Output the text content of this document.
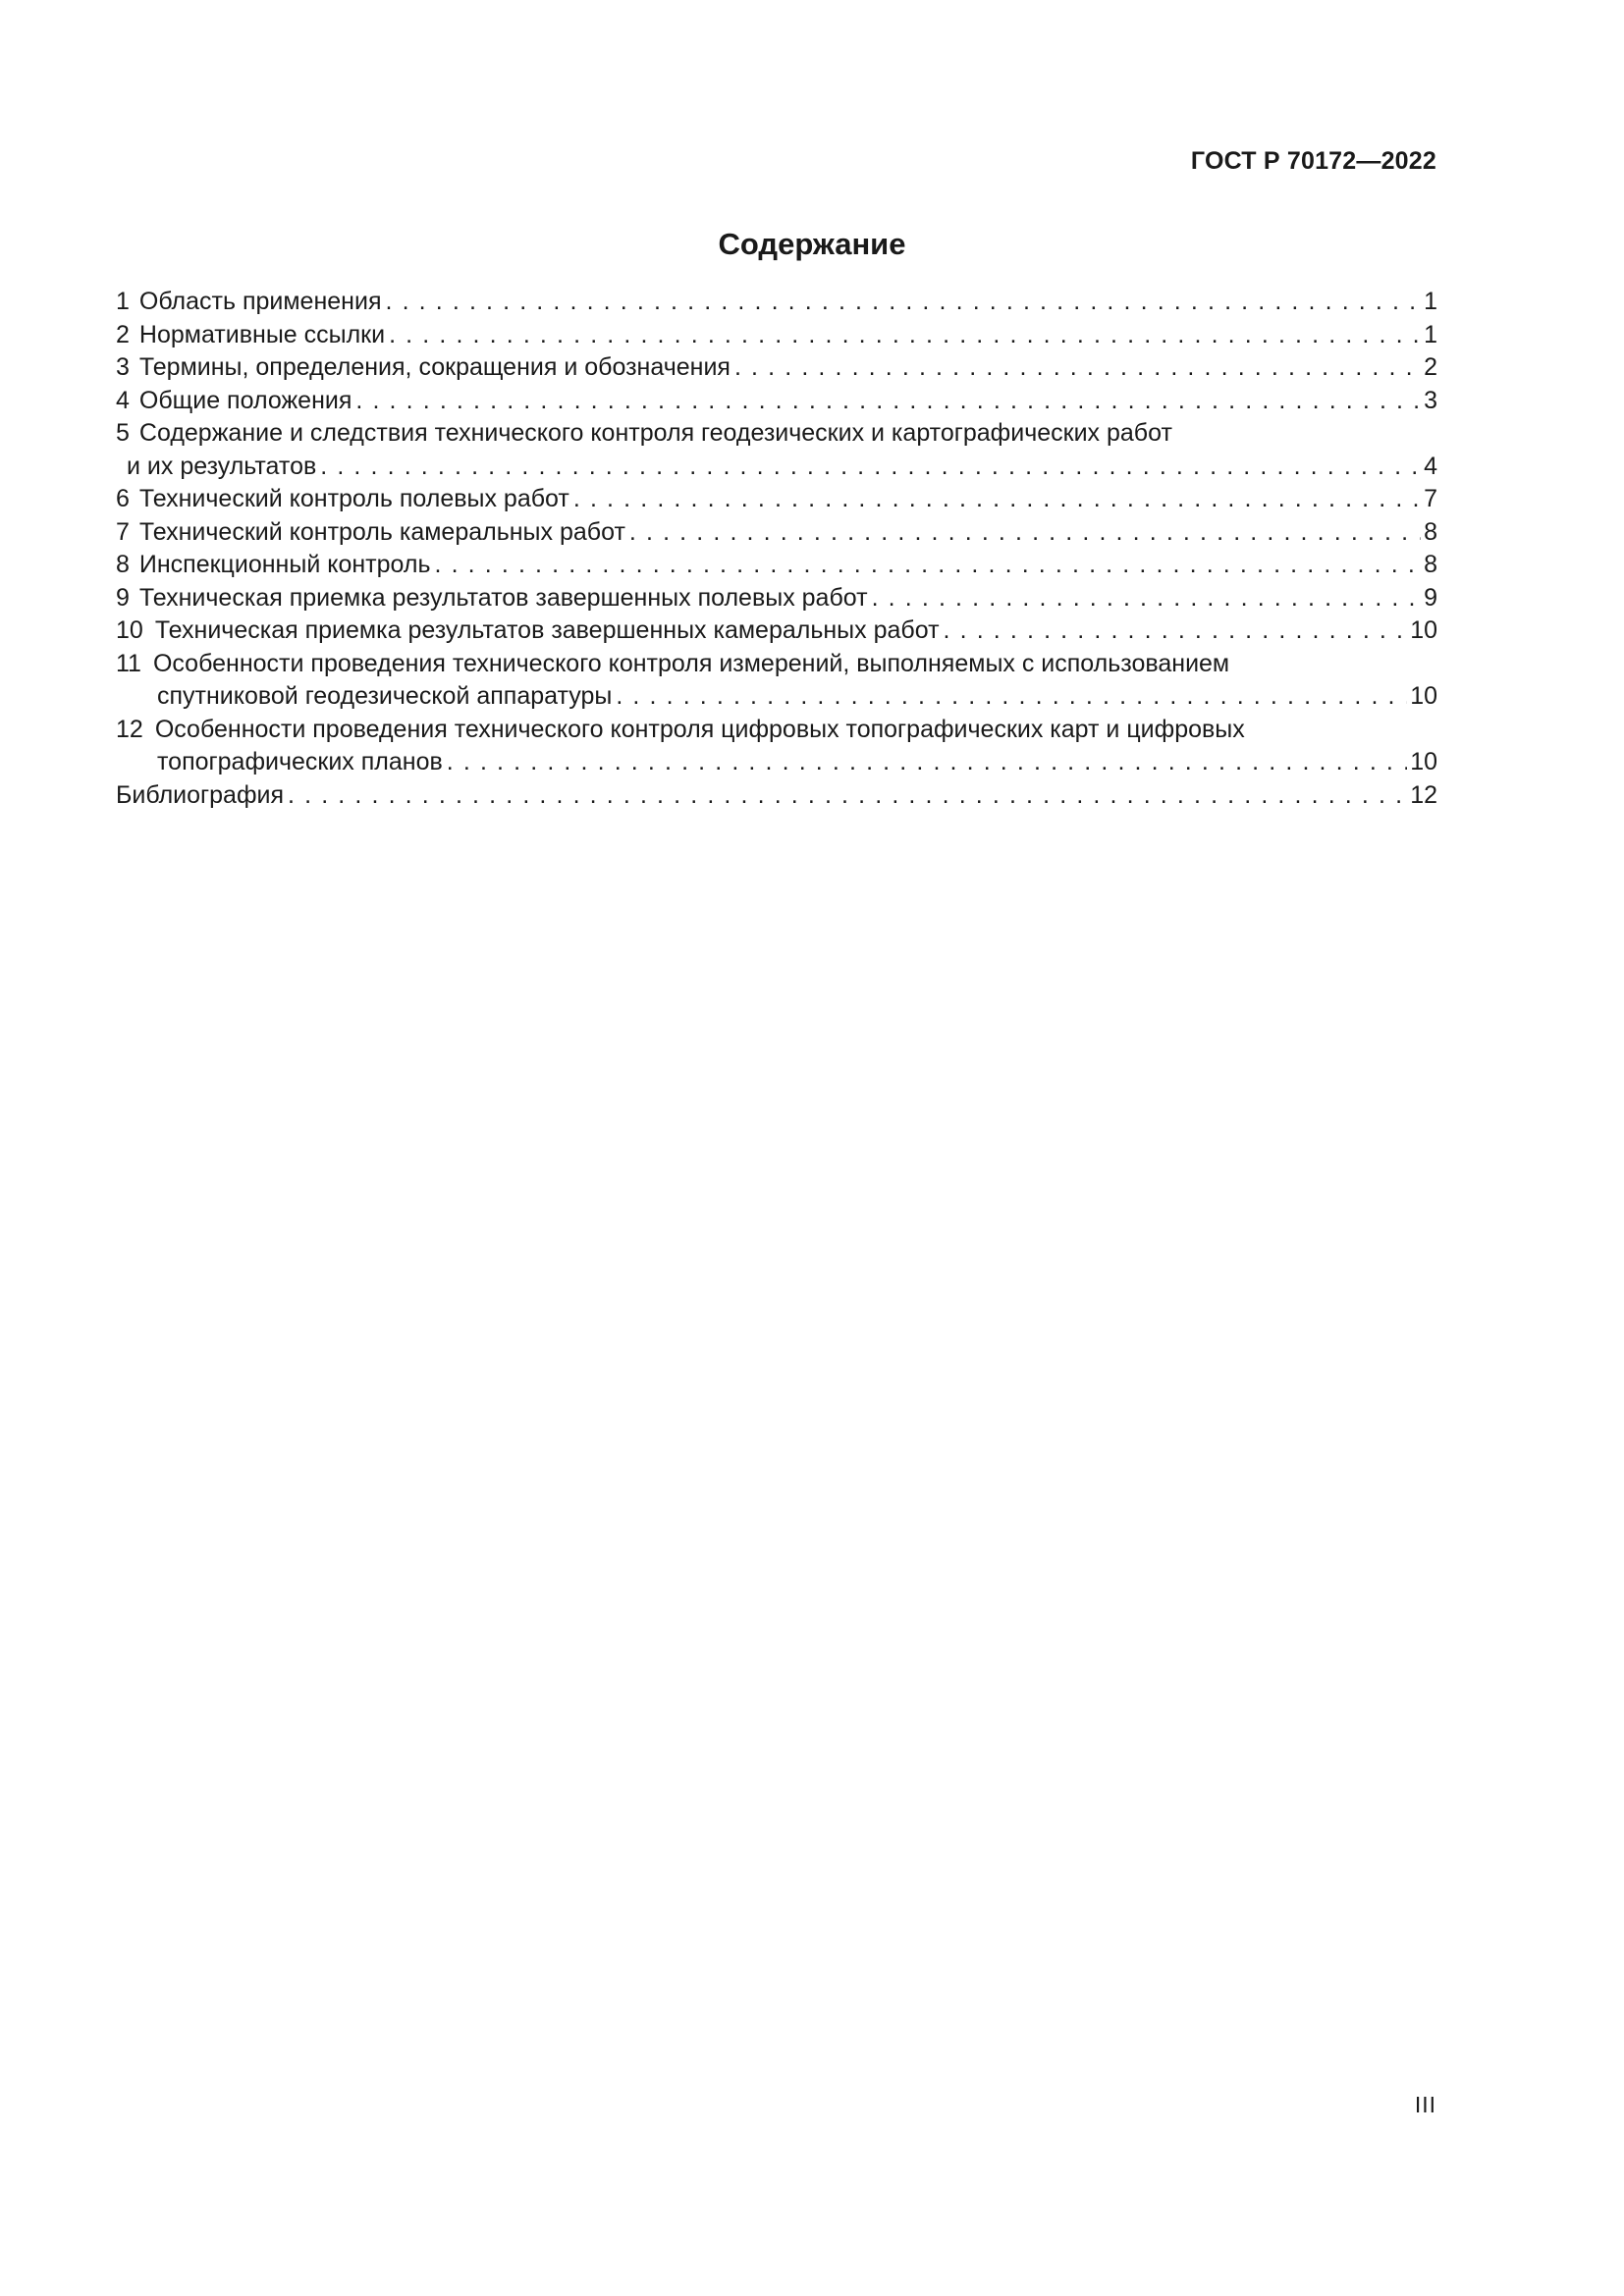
ГОСТ Р 70172—2022
Содержание
1 Область применения . . .	1
2 Нормативные ссылки . . .	1
3 Термины, определения, сокращения и обозначения . . .	2
4 Общие положения . . .	3
5 Содержание и следствия технического контроля геодезических и картографических работ
и их результатов . . .	4
6 Технический контроль полевых работ . . .	7
7 Технический контроль камеральных работ . . .	8
8 Инспекционный контроль . . .	8
9 Техническая приемка результатов завершенных полевых работ . . .	9
10 Техническая приемка результатов завершенных камеральных работ . . .	10
11 Особенности проведения технического контроля измерений, выполняемых с использованием
спутниковой геодезической аппаратуры . . .	10
12 Особенности проведения технического контроля цифровых топографических карт и цифровых
топографических планов . . .	10
Библиография . . .	12
III
